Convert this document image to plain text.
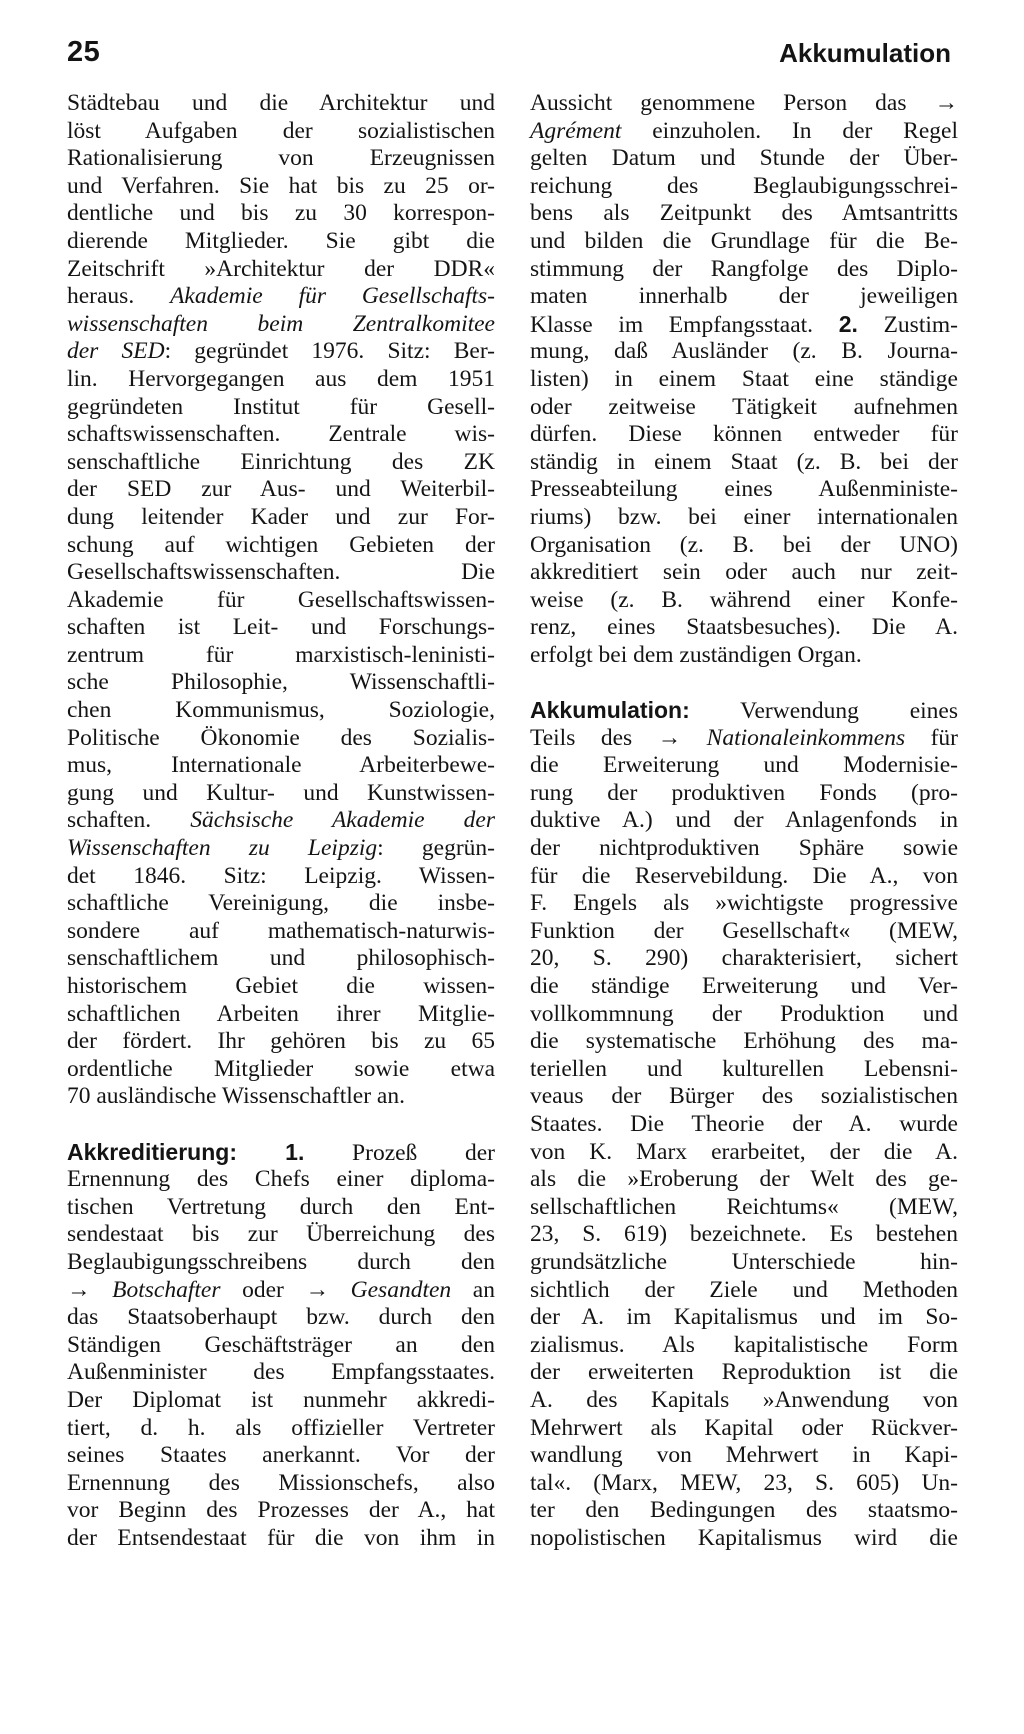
25	Akkumulation
Städtebau und die Architektur und
löst Aufgaben der sozialistischen
Rationalisierung von Erzeugnissen
und Verfahren. Sie hat bis zu 25 or-
dentliche und bis zu 30 korrespon-
dierende Mitglieder. Sie gibt die
Zeitschrift »Architektur der DDR«
heraus. Akademie für Gesellschafts-
wissenschaften beim Zentralkomitee
der SED: gegründet 1976. Sitz: Ber-
lin. Hervorgegangen aus dem 1951
gegründeten Institut für Gesell-
schaftswissenschaften. Zentrale wis-
senschaftliche Einrichtung des ZK
der SED zur Aus- und Weiterbil-
dung leitender Kader und zur For-
schung auf wichtigen Gebieten der
Gesellschaftswissenschaften. Die
Akademie für Gesellschaftswissen-
schaften ist Leit- und Forschungs-
zentrum für marxistisch-leninisti-
sche Philosophie, Wissenschaftli-
chen Kommunismus, Soziologie,
Politische Ökonomie des Sozialis-
mus, Internationale Arbeiterbewe-
gung und Kultur- und Kunstwissen-
schaften. Sächsische Akademie der
Wissenschaften zu Leipzig: gegrün-
det 1846. Sitz: Leipzig. Wissen-
schaftliche Vereinigung, die insbe-
sondere auf mathematisch-naturwis-
senschaftlichem und philosophisch-
historischem Gebiet die wissen-
schaftlichen Arbeiten ihrer Mitglie-
der fördert. Ihr gehören bis zu 65
ordentliche Mitglieder sowie etwa
70 ausländische Wissenschaftler an.
Akkreditierung: 1. Prozeß der
Ernennung des Chefs einer diploma-
tischen Vertretung durch den Ent-
sendestaat bis zur Überreichung des
Beglaubigungsschreibens durch den
→ Botschafter oder → Gesandten an
das Staatsoberhaupt bzw. durch den
Ständigen Geschäftsträger an den
Außenminister des Empfangsstaates.
Der Diplomat ist nunmehr akkredi-
tiert, d. h. als offizieller Vertreter
seines Staates anerkannt. Vor der
Ernennung des Missionschefs, also
vor Beginn des Prozesses der A., hat
der Entsendestaat für die von ihm in
Aussicht genommene Person das →
Agrément einzuholen. In der Regel
gelten Datum und Stunde der Über-
reichung des Beglaubigungsschrei-
bens als Zeitpunkt des Amtsantritts
und bilden die Grundlage für die Be-
stimmung der Rangfolge des Diplo-
maten innerhalb der jeweiligen
Klasse im Empfangsstaat. 2. Zustim-
mung, daß Ausländer (z. B. Journa-
listen) in einem Staat eine ständige
oder zeitweise Tätigkeit aufnehmen
dürfen. Diese können entweder für
ständig in einem Staat (z. B. bei der
Presseabteilung eines Außenministe-
riums) bzw. bei einer internationalen
Organisation (z. B. bei der UNO)
akkreditiert sein oder auch nur zeit-
weise (z. B. während einer Konfe-
renz, eines Staatsbesuches). Die A.
erfolgt bei dem zuständigen Organ.
Akkumulation: Verwendung eines
Teils des → Nationaleinkommens für
die Erweiterung und Modernisie-
rung der produktiven Fonds (pro-
duktive A.) und der Anlagenfonds in
der nichtproduktiven Sphäre sowie
für die Reservebildung. Die A., von
F. Engels als »wichtigste progressive
Funktion der Gesellschaft« (MEW,
20, S. 290) charakterisiert, sichert
die ständige Erweiterung und Ver-
vollkommnung der Produktion und
die systematische Erhöhung des ma-
teriellen und kulturellen Lebensni-
veaus der Bürger des sozialistischen
Staates. Die Theorie der A. wurde
von K. Marx erarbeitet, der die A.
als die »Eroberung der Welt des ge-
sellschaftlichen Reichtums« (MEW,
23, S. 619) bezeichnete. Es bestehen
grundsätzliche Unterschiede hin-
sichtlich der Ziele und Methoden
der A. im Kapitalismus und im So-
zialismus. Als kapitalistische Form
der erweiterten Reproduktion ist die
A. des Kapitals »Anwendung von
Mehrwert als Kapital oder Rückver-
wandlung von Mehrwert in Kapi-
tal«. (Marx, MEW, 23, S. 605) Un-
ter den Bedingungen des staatsmo-
nopolistischen Kapitalismus wird die
